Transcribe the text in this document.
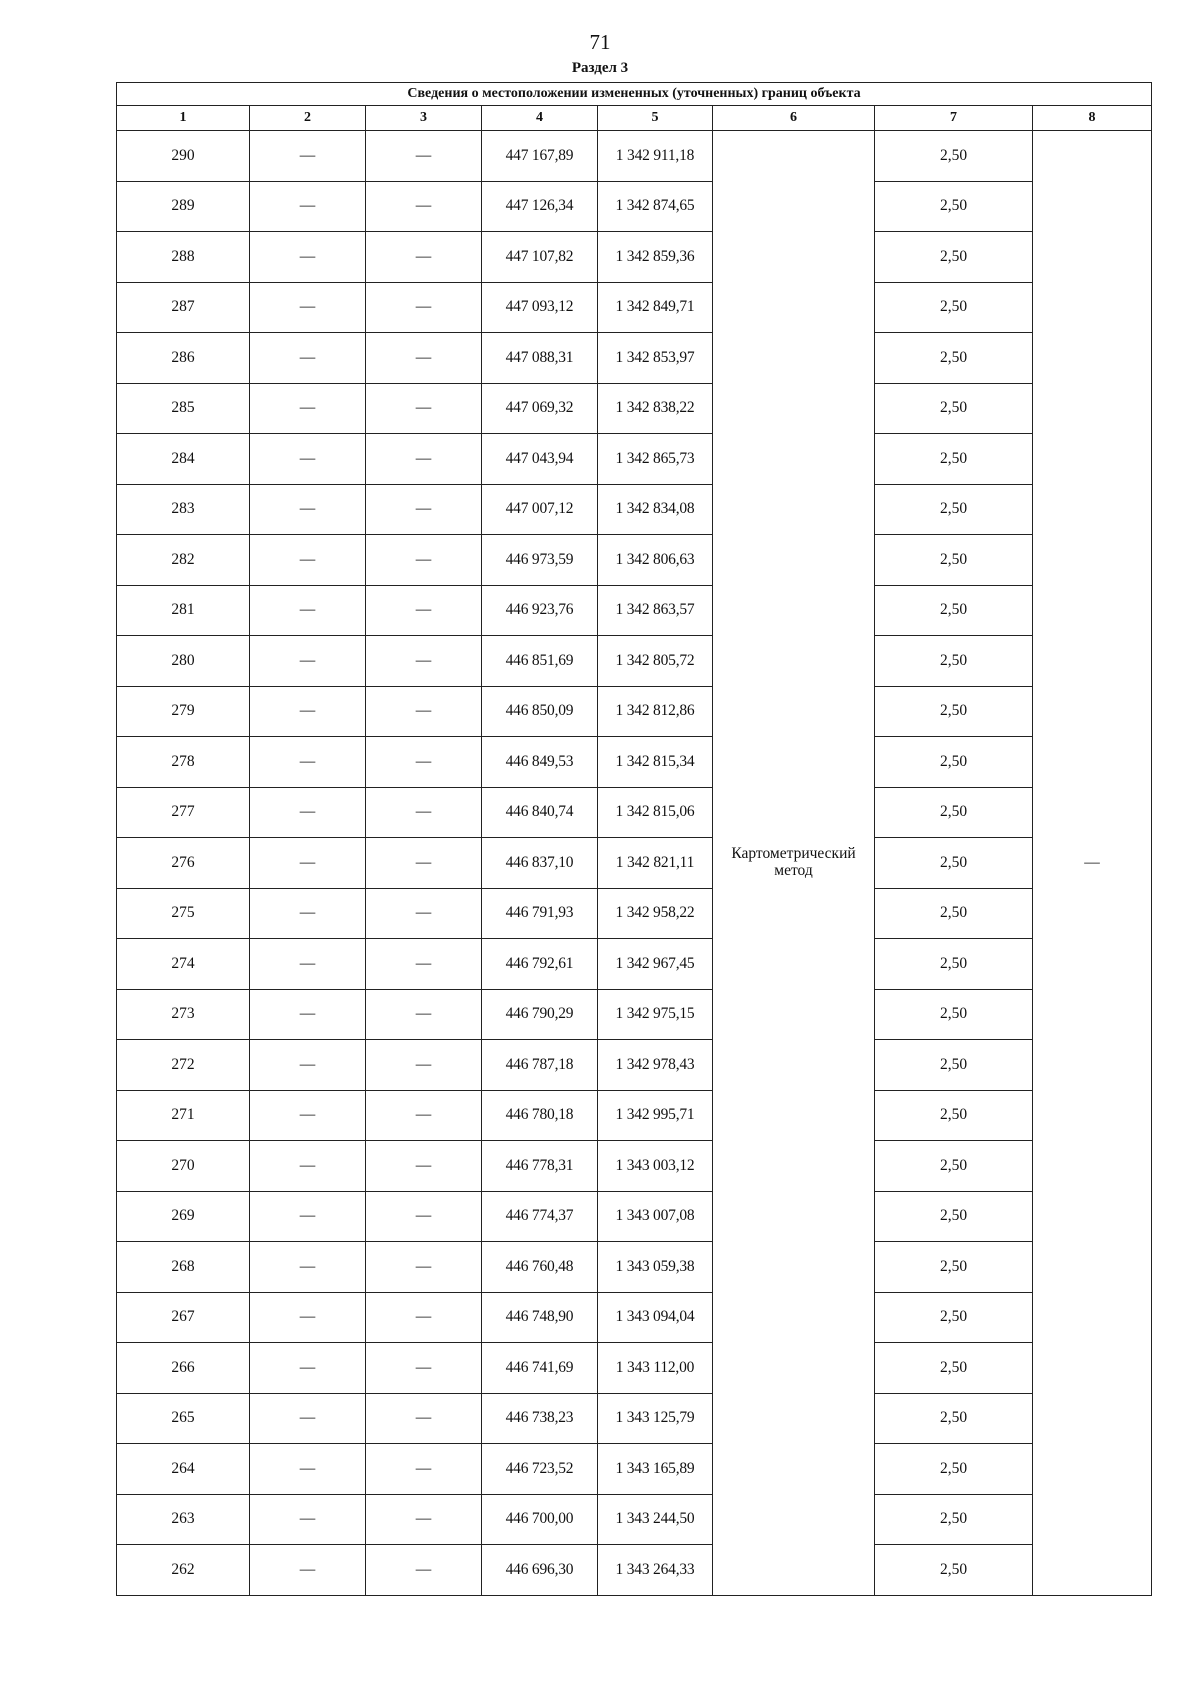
71
Раздел 3
Сведения о местоположении измененных (уточненных) границ объекта							
1	2	3	4	5	6	7	8
290	—	—	447 167,89	1 342 911,18	Картометрический метод	2,50	—
289	—	—	447 126,34	1 342 874,65		2,50	
288	—	—	447 107,82	1 342 859,36		2,50	
287	—	—	447 093,12	1 342 849,71		2,50	
286	—	—	447 088,31	1 342 853,97		2,50	
285	—	—	447 069,32	1 342 838,22		2,50	
284	—	—	447 043,94	1 342 865,73		2,50	
283	—	—	447 007,12	1 342 834,08		2,50	
282	—	—	446 973,59	1 342 806,63		2,50	
281	—	—	446 923,76	1 342 863,57		2,50	
280	—	—	446 851,69	1 342 805,72		2,50	
279	—	—	446 850,09	1 342 812,86		2,50	
278	—	—	446 849,53	1 342 815,34		2,50	
277	—	—	446 840,74	1 342 815,06		2,50	
276	—	—	446 837,10	1 342 821,11		2,50	
275	—	—	446 791,93	1 342 958,22		2,50	
274	—	—	446 792,61	1 342 967,45		2,50	
273	—	—	446 790,29	1 342 975,15		2,50	
272	—	—	446 787,18	1 342 978,43		2,50	
271	—	—	446 780,18	1 342 995,71		2,50	
270	—	—	446 778,31	1 343 003,12		2,50	
269	—	—	446 774,37	1 343 007,08		2,50	
268	—	—	446 760,48	1 343 059,38		2,50	
267	—	—	446 748,90	1 343 094,04		2,50	
266	—	—	446 741,69	1 343 112,00		2,50	
265	—	—	446 738,23	1 343 125,79		2,50	
264	—	—	446 723,52	1 343 165,89		2,50	
263	—	—	446 700,00	1 343 244,50		2,50	
262	—	—	446 696,30	1 343 264,33		2,50	
